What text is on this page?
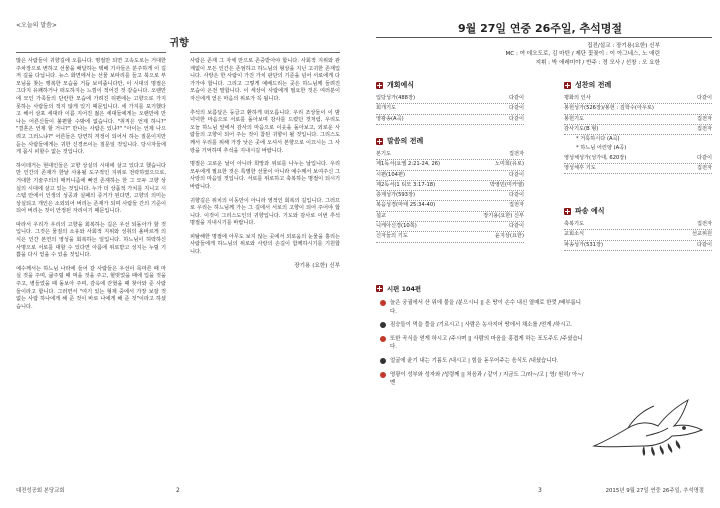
<오늘의 말씀>
귀향

많은 사람들이 귀향길에 오릅니다. 명절만 되면 고속도로는 거대한 주차장으로 변하고 선물을 배달하는 택배 기사들은 분주하게 이 길 저 길을 다닙니다. 뉴스 화면에서는 선물 보따리를 들고 북으로 부모님을 찾는 행복한 모습을 거듭 보여줍니다만, 이 시대의 명절은 그다지 유쾌하거나 떠도하지는 느낌이 적어진 것 같습니다. 오랜만에 모인 가족들의 단란한 모습에 가려진 뒤편에는 고향으로 가지 못하는 사람들의 적지 않게 있기 때문입니다. 세 가지를 포기했다고 해서 삼포 세대라 이름 지어진 젊은 세대들에게는 오랜만에 만나는 어른신들이 불편할 수밖에 없습니다. "취직은 언제 하니?" "결혼은 언제 할 거니?" 만나는 사람은 있냐?" "아이는 언제 나으려고 그러느냐?" 어른들은 당연히 걱정이 되어서 하는 질문이지만 듣는 사람들에게는 귀한 신경쓰이는 질문일 것입니다. 당시자들에게 몹시 피할수 없는 것입니다.

하이데거는 현대인들은 고향 상실의 시대에 살고 있다고 했습니다만 인간의 존재가 한낱 사용될 도구적인 지위로 전락하였으므로, 거대한 기술주의의 매커니즘에 빠진 존재하는 한 그 모두 고향 상실의 시대에 살고 있는 것입니다. 누가 더 상품적 가치를 지니고 시스템 안에서 인생의 성공과 실패의 증거가 된다면, 고향의 의미는 상실되고 개인은 소외되어 버리는 존재가 되며 사람들 간의 기준이 되어 버리는 것이 안정된 자리이기 때문입니다.

따라서 우리가 우리의 고향을 회복하는 길은 우선 되돌아가 할 것입니다. 그것은 물질의 소유와 사회적 지위와 성취의 올바르게 의식은 인간 본연의 영성을 회복하는 일입니다. 하느님이 허락하신 사명으로 서로를 대할 수 있다면 아픔에 위로받고 성지는 누릴 기쁨을 다시 얻을 수 있을 것입니다.

예수께서는 하느님 나라에 들어 갈 사람들은 우선이 목마른 때 마실 것을 주며, 굶주릴 때 먹을 것을 주고, 헐벗었을 때에 입을 것을 주고, 병들었을 때 돌보아 주며, 감옥에 갇혔을 때 찾아와 준 사람들이라고 합니다. 그러면서 "여기 있는 형제 중에서 가장 보잘 것 없는 사람 하나에게 해 준 것이 바로 나에게 해 준 것"이라고 하셨습니다.

사람은 존재 그 자체 만으로 존중받아야 합니다. 사회적 지위와 관계없이 모든 인간은 존엄하고 하느님의 형상을 지닌 고귀한 존재입니다. 사랑은 한 사람이 가진 가치 판단의 기준을 넘어 서로에게 다가가야 합니다. 그리고 그렇게 예배드리는 곳은 하느님께 들려진 모습이 온전 말합니다. 이 세상이 사람에게 필요한 것은 여러분이 자신에게 얻은 마음의 위로가 꼭 됩니다.

추석의 보름달은 둥글고 환하게 떠오릅니다. 우리 조상들이 이 밤 넉넉한 마음으로 서로를 돌아보며 감사를 드렸던 것처럼, 우리도 오늘 하느님 앞에서 감사의 마음으로 이웃을 돌아보고, 외로운 사람들의 고향이 되어 주는 것이 참된 귀향이 될 것입니다. 그리스도께서 우리를 위해 가장 낮은 곳에 오셔서 본향으로 이끄시는 그 사랑을 기억하며 추석을 지내시길 바랍니다.

명절은 고로운 날이 아니라 희망과 위로를 나누는 날입니다. 우리 모두에게 필요한 것은 특별한 선물이 아니라 예수께서 보여주신 그 사랑의 마음일 것입니다. 서로를 위로하고 축복하는 명절이 되시기 바랍니다.

귀향길은 위치의 이동만이 아니라 영적인 회복의 길입니다. 그러므로 우리는 하느님께 가는 그 길에서 서로의 고향이 되어 주어야 합니다. 이것이 그리스도인의 귀향입니다. 기도와 감사로 이번 추석 명절을 지내시기를 바랍니다.

피탈해한 명절에 아무도 보지 않는 곳에서 외로움의 눈물을 흘리는 사람들에게 하느님의 위로와 사랑의 손길이 함께하시기를 기원합니다.

장기용 (요한) 신부
대전성공회 본당교회	2
9월 27일 연중 26주일, 추석명절
집전/설교 : 장기용(요한) 신부
MC : 여 데오도로, 김 마틴 / 제단 꽃꽂이 : 이 아그네스, 노 애린
지휘 : 박 에레미야 / 반주 : 정 모사 / 선창 : 오 요한
개회예식
입당성가(488장)	다같이
회개기도	다같이
영광송(A곡)	다같이
말씀의 전례
본기도	집전자
제1독서(요엘 2:21-24, 26)	노미희(유로)
시편(104편)	다같이
제2독서(1 티모 3:17-18)	박영민(미카엘)
층계성가(593장)	다같이
복음성경(마태 25:34-40)	집전자
설교	장기용(요한) 신부
니케아신경(10쪽)	다같이
신자들의 기도	윤지상(요한)
성찬의 전례
평화의 인사	다같이
봉헌성가(526장)/봉헌 : 김학수(아우로)
봉헌기도	집전자
감사기도(B 형)	집전자
* 거룩하시다 (A곡)
* 하느님 어린양 (A곡)
영성체성가(성가대, 620장)	다같이
영성체후 기도	집전자
파송 예식
축복기도	집전자
교회소식	선교위원
파송성가(531장)	다같이
시편 104편
늘은 궁궐에서 산 위에 물을 /분으시니 || 온 땅이 손수 내신 열매로 한껏 /배부릅니다.
짐승들이 먹을 풀을 /기르시고 | 사람은 농사지어 땅에서 채소를 /얻게 /하시고.
또한 곡식을 얻게 하시고 /주시며 || 사람의 마음을 흥겹게 하는 포도주도 /주셨습니다.
얼굴에 윤기 내는 기름도 /내시고 | 힘을 돋우어주는 음식도 /내셨습니다.
영광이 성부와 성자와 /성령께 || 처음과 / 같이 / 지금도 그/라~/고 | 영/ 원히/ 아~/멘
2015년 9월 27일 연중 26주일, 추석명절
3
